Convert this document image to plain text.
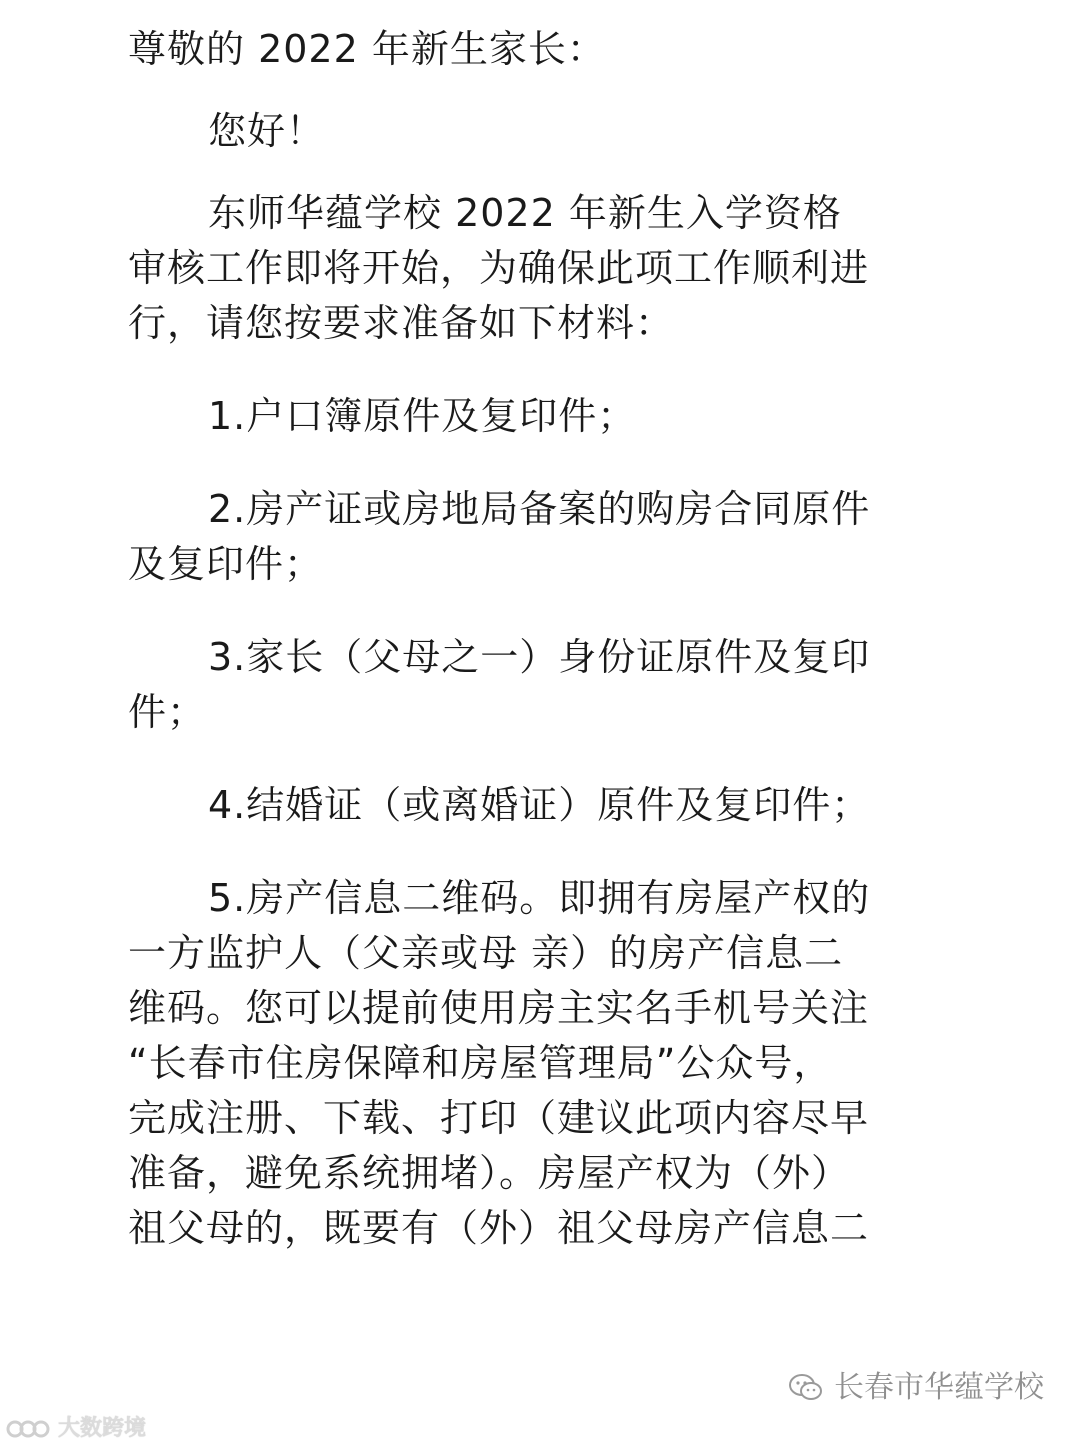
尊敬的 2022 年新生家长：
您好！
东师华蕴学校 2022 年新生入学资格
审核工作即将开始，为确保此项工作顺利进
行，请您按要求准备如下材料：
1.户口簿原件及复印件；
2.房产证或房地局备案的购房合同原件
及复印件；
3.家长（父母之一）身份证原件及复印
件；
4.结婚证（或离婚证）原件及复印件；
5.房产信息二维码。即拥有房屋产权的
一方监护人（父亲或母 亲）的房产信息二
维码。您可以提前使用房主实名手机号关注
“长春市住房保障和房屋管理局”公众号，
完成注册、下载、打印（建议此项内容尽早
准备，避免系统拥堵）。房屋产权为（外）
祖父母的，既要有（外）祖父母房产信息二
长春市华蕴学校
大数跨境
